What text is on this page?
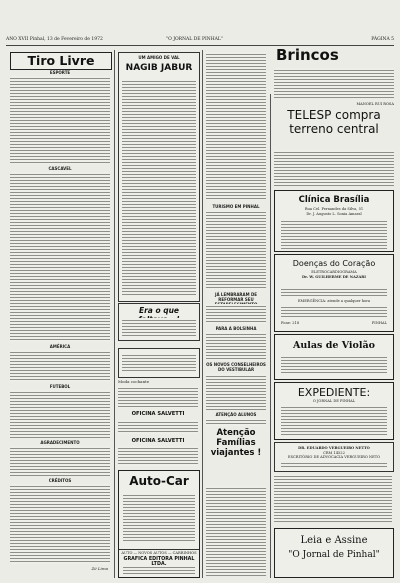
ANO XVII Pinhal, 13 de Fevereiro de 1972	"O JORNAL DE PINHAL"	PÁGINA 5
Tiro Livre
ESPORTE
CASCAVEL
AMÉRICA
FUTEBOL
AGRADECIMENTO
CRÉDITOS
Zé Lima
UM AMIGO DE VAL
NAGIB JABUR
Era o que
Moda cochante
OFICINA SALVETTI
OFICINA SALVETTI
Auto-Car
AUTO — NOVOS AUTOS — CARRINHOS
GRAFICA EDITORA PINHAL
TURISMO EM PINHAL
JÁ LEMBRARAM DE REFORMAR SEU
PARA A BOLSINHA
OS NOVOS CONSELHEIROS DO VESTIBULAR
ATENÇÃO ALUNOS
Atenção
Famílias
viajantes !
Brincos
MANOEL RUI ROSA
TELESP compra
terreno central
Clínica Brasília
Rua Cel. Fernandes da Silva, 51
Dr. J. Augusto L. Sonia Amaral
Doenças do Coração
ELETROCARDIOGRAMA
Dr. W. GUILHERME DE NAZARI
EMERGÊNCIA: atende a qualquer hora
Fone: 218	PINHAL
Aulas de Violão
EXPEDIENTE:
O JORNAL DE PINHAL
DR. EDUARDO VERGUEIRO NETTO
CRM 14522
ESCRITÓRIO DE ADVOCACIA VERGUEIRO NETO
Leia e Assine
"O Jornal de Pinhal"
